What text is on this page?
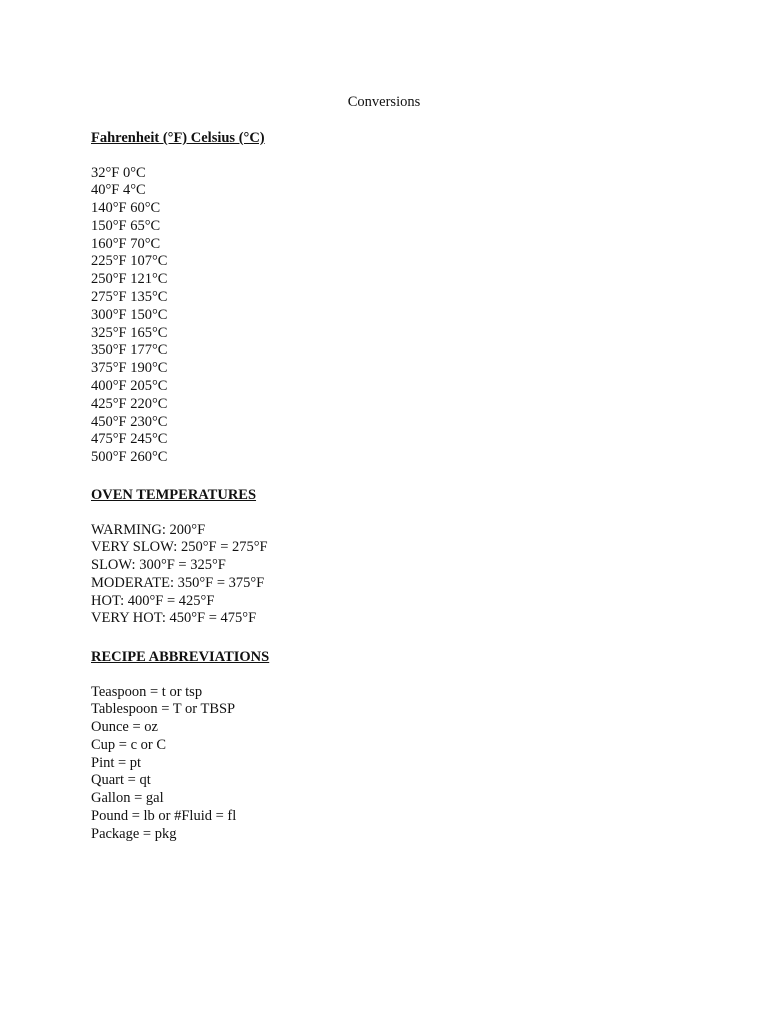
Conversions
Fahrenheit (°F) Celsius (°C)
32°F 0°C
40°F 4°C
140°F 60°C
150°F 65°C
160°F 70°C
225°F 107°C
250°F 121°C
275°F 135°C
300°F 150°C
325°F 165°C
350°F 177°C
375°F 190°C
400°F 205°C
425°F 220°C
450°F 230°C
475°F 245°C
500°F 260°C
OVEN TEMPERATURES
WARMING: 200°F
VERY SLOW: 250°F = 275°F
SLOW: 300°F = 325°F
MODERATE: 350°F = 375°F
HOT: 400°F = 425°F
VERY HOT: 450°F = 475°F
RECIPE ABBREVIATIONS
Teaspoon = t or tsp
Tablespoon = T or TBSP
Ounce = oz
Cup = c or C
Pint = pt
Quart = qt
Gallon = gal
Pound = lb or #Fluid = fl
Package = pkg
